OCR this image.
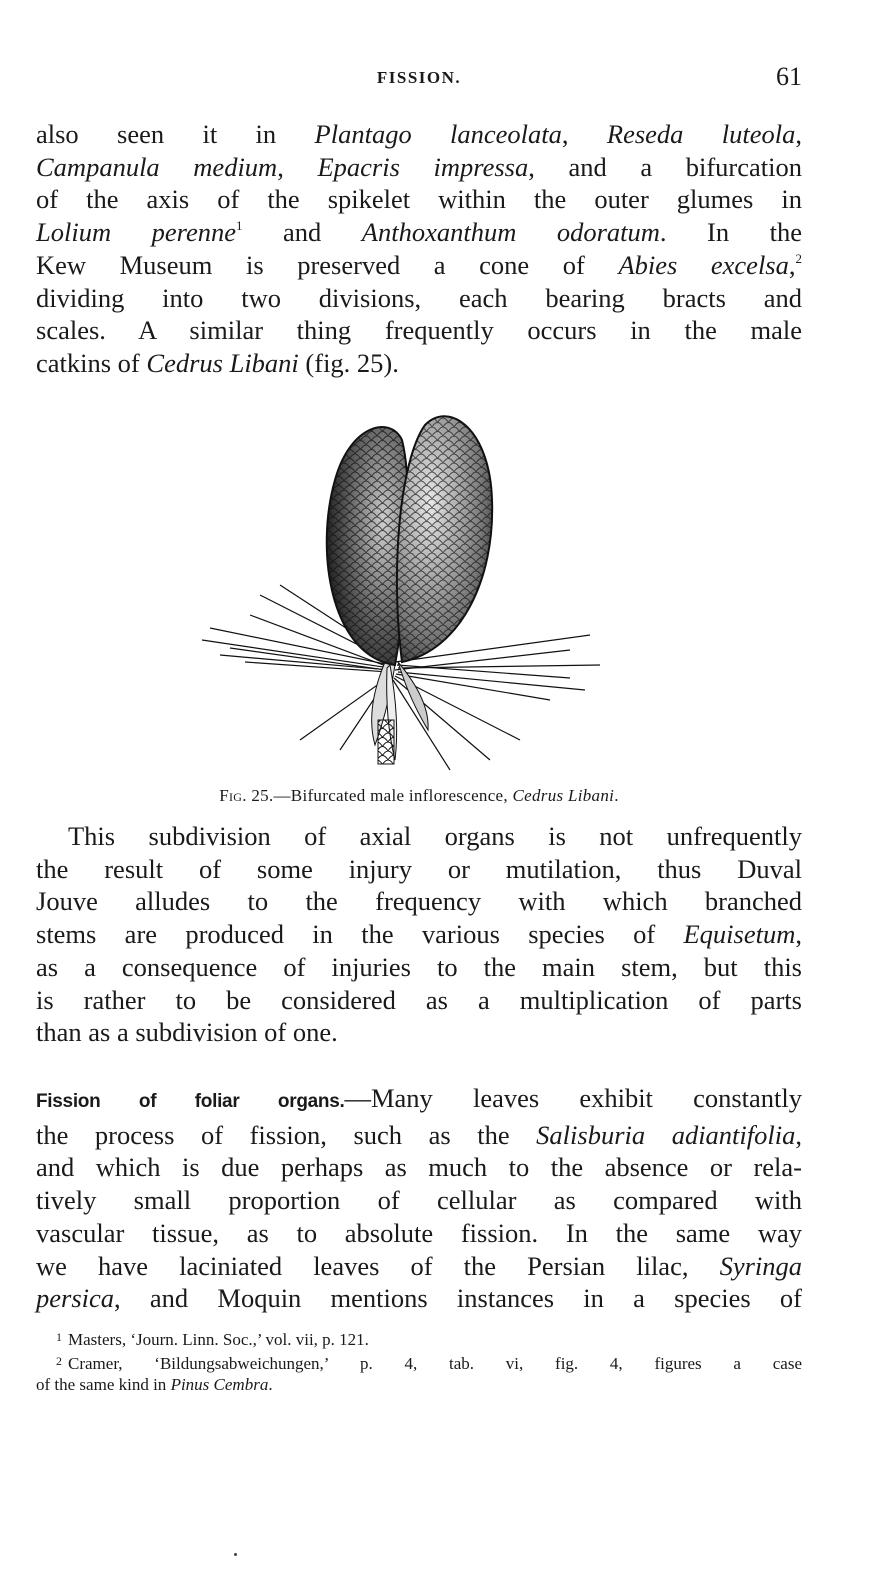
FISSION.	61
also seen it in Plantago lanceolata, Reseda luteola,
Campanula medium, Epacris impressa, and a bifurcation
of the axis of the spikelet within the outer glumes in
Lolium perenne$^1$ and Anthoxanthum odoratum. In the
Kew Museum is preserved a cone of Abies excelsa,$^2$
dividing into two divisions, each bearing bracts and
scales. A similar thing frequently occurs in the male
catkins of Cedrus Libani (fig. 25).
Fig. 25.—Bifurcated male inflorescence, Cedrus Libani.
This subdivision of axial organs is not unfrequently
the result of some injury or mutilation, thus Duval
Jouve alludes to the frequency with which branched
stems are produced in the various species of Equisetum,
as a consequence of injuries to the main stem, but this
is rather to be considered as a multiplication of parts
than as a subdivision of one.
Fission of foliar organs.—Many leaves exhibit constantly
the process of fission, such as the Salisburia adiantifolia,
and which is due perhaps as much to the absence or rela-
tively small proportion of cellular as compared with
vascular tissue, as to absolute fission. In the same way
we have laciniated leaves of the Persian lilac, Syringa
persica, and Moquin mentions instances in a species of
$^1$ Masters, ‘Journ. Linn. Soc.,’ vol. vii, p. 121.
$^2$ Cramer, ‘Bildungsabweichungen,’ p. 4, tab. vi, fig. 4, figures a case
of the same kind in Pinus Cembra.
